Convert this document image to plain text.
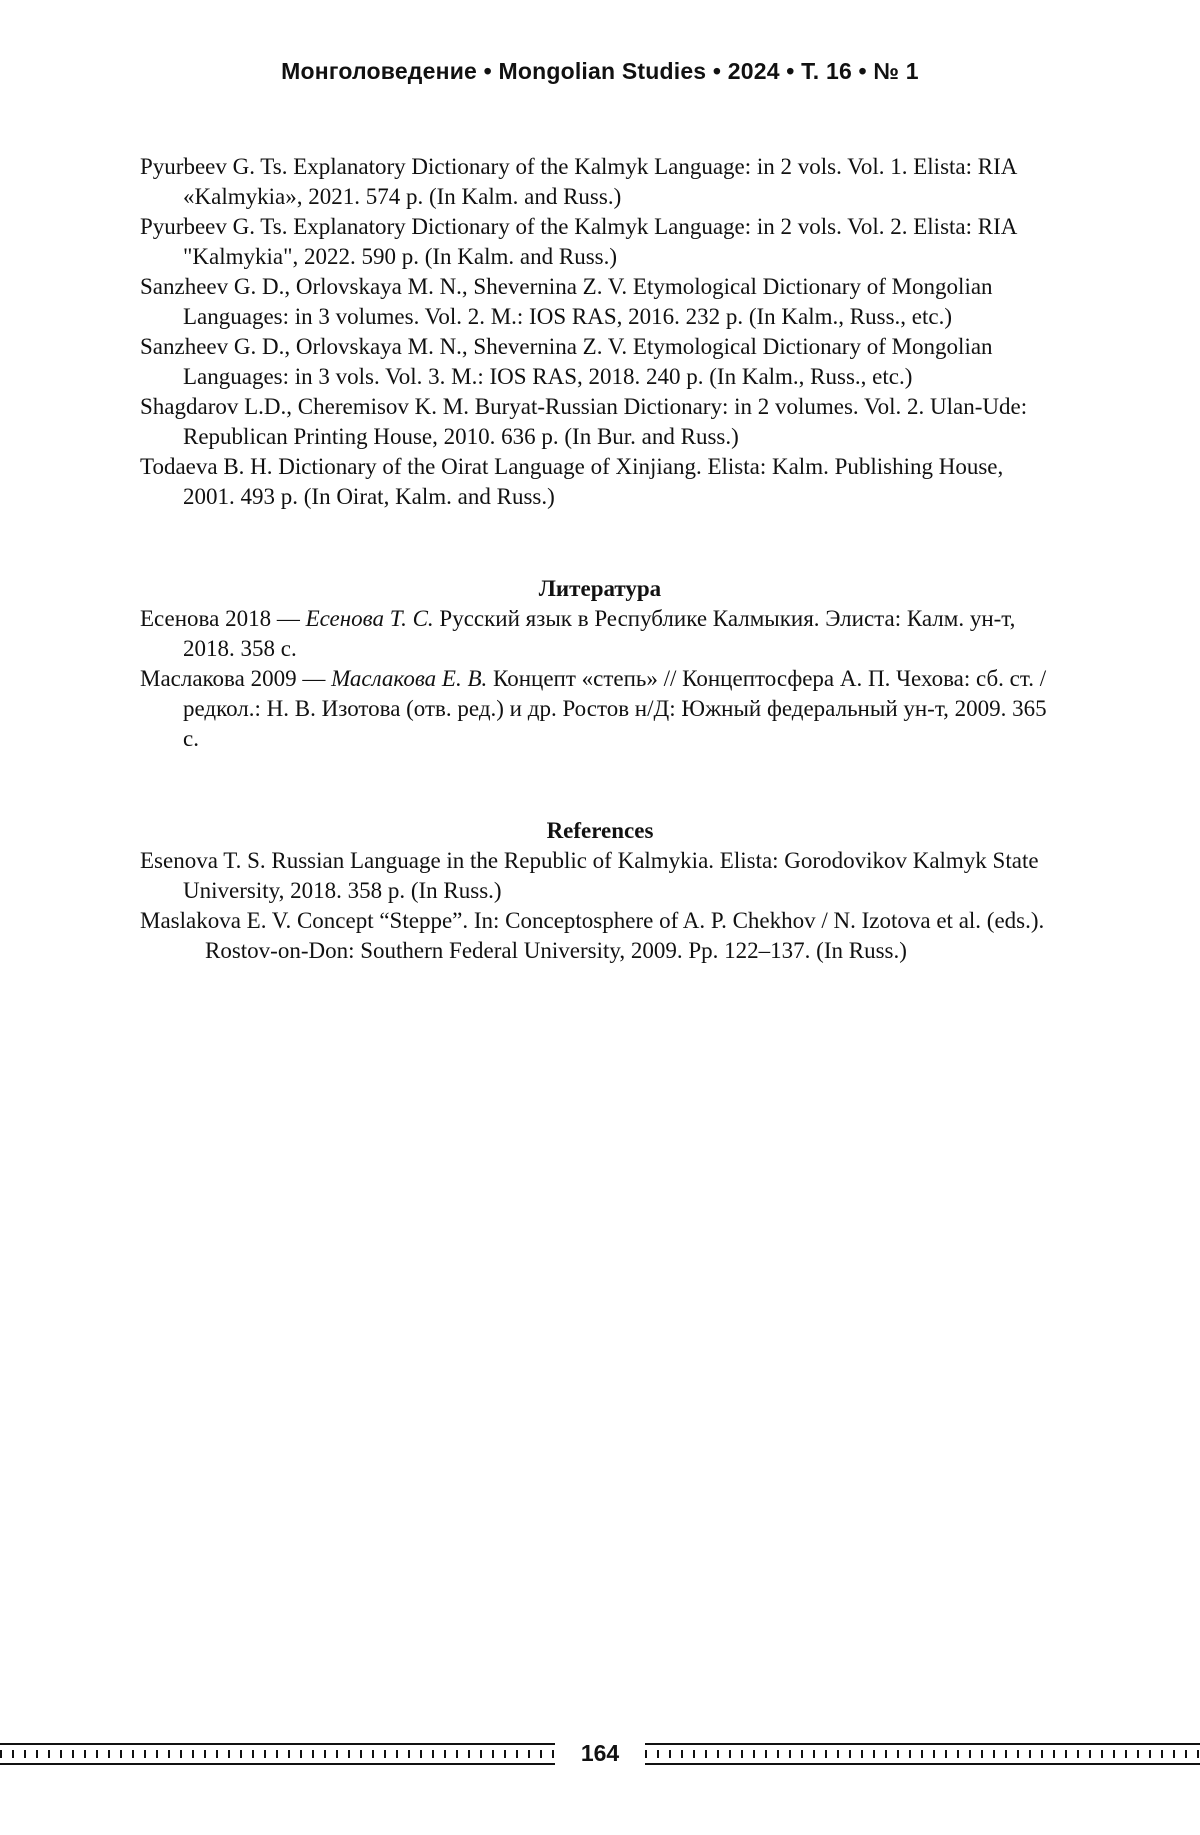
Монголоведение • Mongolian Studies • 2024 • Т. 16 • № 1

Pyurbeev G. Ts. Explanatory Dictionary of the Kalmyk Language: in 2 vols. Vol. 1. Elista: RIA «Kalmykia», 2021. 574 p. (In Kalm. and Russ.)

Pyurbeev G. Ts. Explanatory Dictionary of the Kalmyk Language: in 2 vols. Vol. 2. Elista: RIA "Kalmykia", 2022. 590 p. (In Kalm. and Russ.)

Sanzheev G. D., Orlovskaya M. N., Shevernina Z. V. Etymological Dictionary of Mongolian Languages: in 3 volumes. Vol. 2. M.: IOS RAS, 2016. 232 p. (In Kalm., Russ., etc.)

Sanzheev G. D., Orlovskaya M. N., Shevernina Z. V. Etymological Dictionary of Mongolian Languages: in 3 vols. Vol. 3. M.: IOS RAS, 2018. 240 p. (In Kalm., Russ., etc.)

Shagdarov L.D., Cheremisov K. M. Buryat-Russian Dictionary: in 2 volumes. Vol. 2. Ulan-Ude: Republican Printing House, 2010. 636 p. (In Bur. and Russ.)

Todaeva B. H. Dictionary of the Oirat Language of Xinjiang. Elista: Kalm. Publishing House, 2001. 493 p. (In Oirat, Kalm. and Russ.)

Литература

Есенова 2018 — Есенова Т. С. Русский язык в Республике Калмыкия. Элиста: Калм. ун-т, 2018. 358 с.

Маслакова 2009 — Маслакова Е. В. Концепт «степь» // Концептосфера А. П. Чехова: сб. ст. / редкол.: Н. В. Изотова (отв. ред.) и др. Ростов н/Д: Южный федеральный ун-т, 2009. 365 с.

References

Esenova T. S. Russian Language in the Republic of Kalmykia. Elista: Gorodovikov Kalmyk State University, 2018. 358 p. (In Russ.)

Maslakova E. V. Concept “Steppe”. In: Conceptosphere of A. P. Chekhov / N. Izotova et al. (eds.). Rostov-on-Don: Southern Federal University, 2009. Pp. 122–137. (In Russ.)

164
